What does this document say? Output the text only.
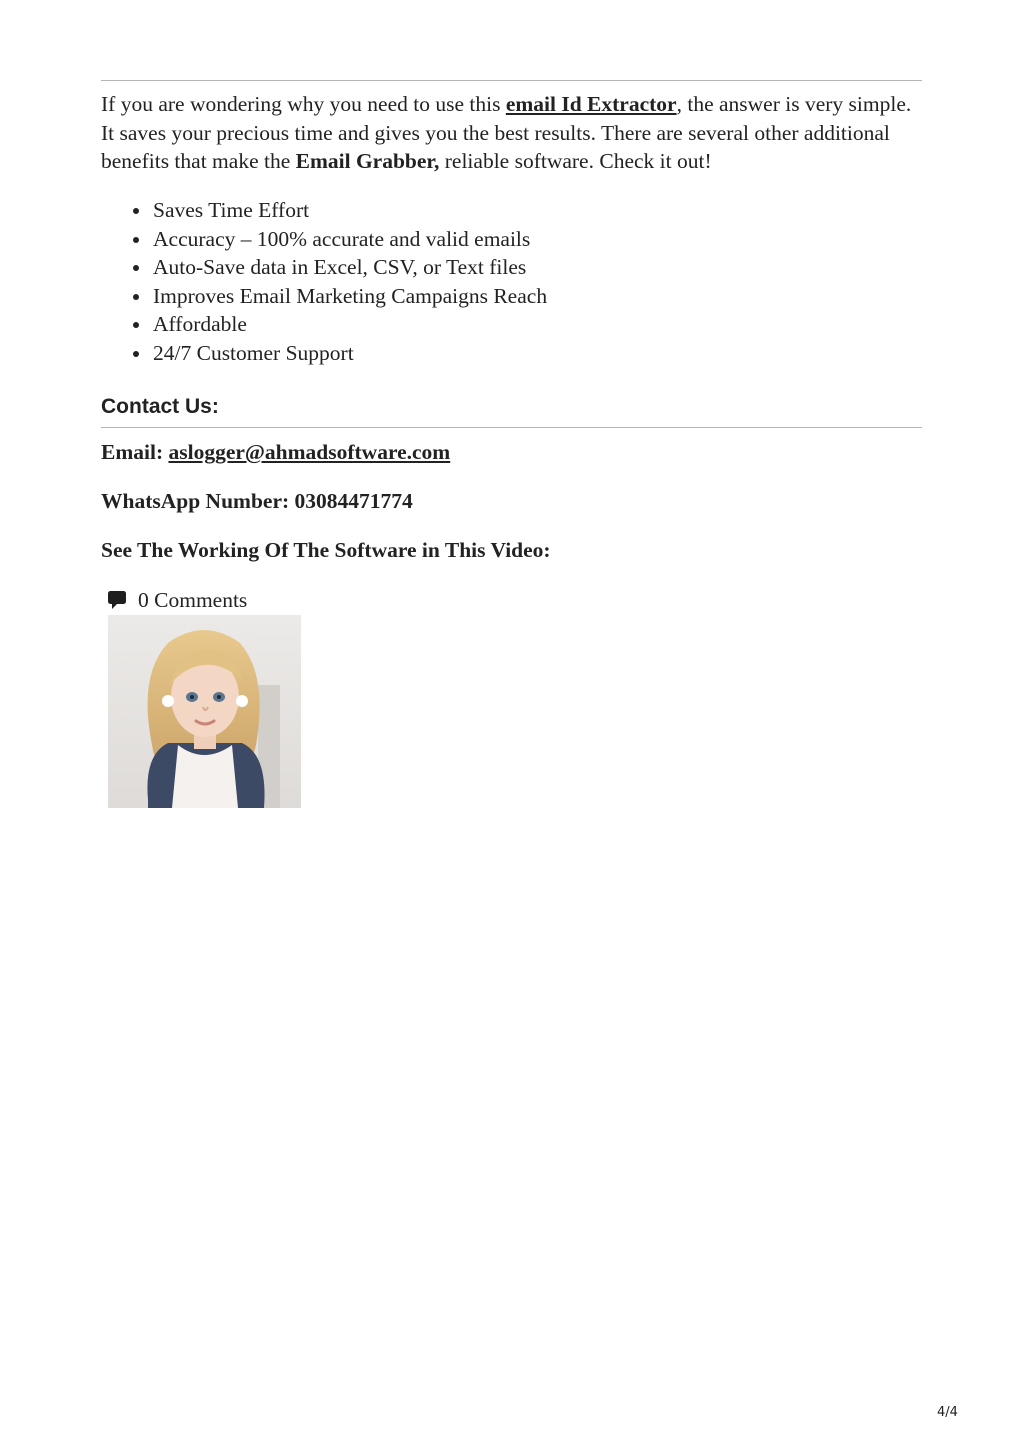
If you are wondering why you need to use this email Id Extractor, the answer is very simple. It saves your precious time and gives you the best results. There are several other additional benefits that make the Email Grabber, reliable software. Check it out!

Saves Time Effort
Accuracy – 100% accurate and valid emails
Auto-Save data in Excel, CSV, or Text files
Improves Email Marketing Campaigns Reach
Affordable
24/7 Customer Support
Contact Us:

Email: aslogger@ahmadsoftware.com

WhatsApp Number: 03084471774

See The Working Of The Software in This Video:

0 Comments
4/4
